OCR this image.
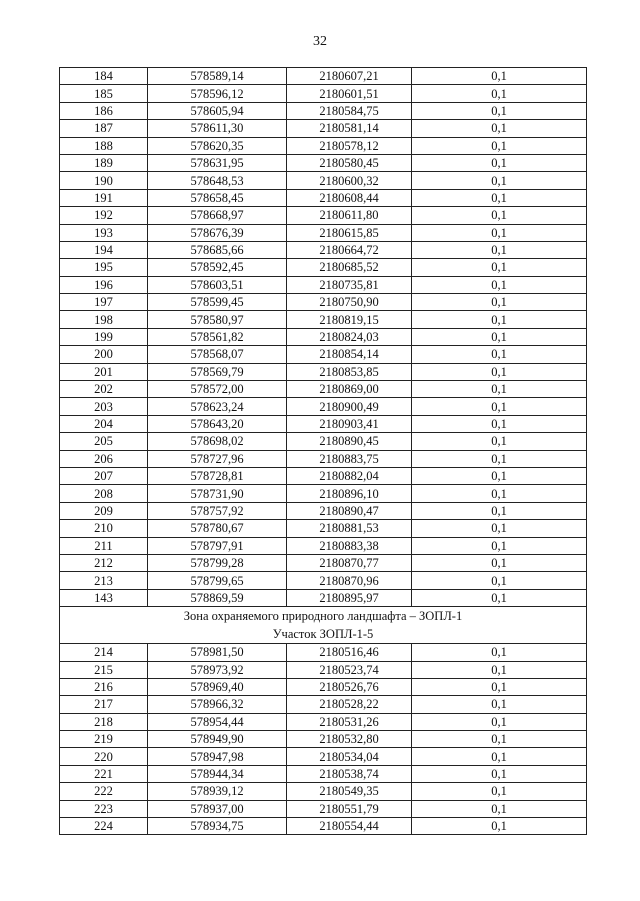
32
184	578589,14	2180607,21	0,1
185	578596,12	2180601,51	0,1
186	578605,94	2180584,75	0,1
187	578611,30	2180581,14	0,1
188	578620,35	2180578,12	0,1
189	578631,95	2180580,45	0,1
190	578648,53	2180600,32	0,1
191	578658,45	2180608,44	0,1
192	578668,97	2180611,80	0,1
193	578676,39	2180615,85	0,1
194	578685,66	2180664,72	0,1
195	578592,45	2180685,52	0,1
196	578603,51	2180735,81	0,1
197	578599,45	2180750,90	0,1
198	578580,97	2180819,15	0,1
199	578561,82	2180824,03	0,1
200	578568,07	2180854,14	0,1
201	578569,79	2180853,85	0,1
202	578572,00	2180869,00	0,1
203	578623,24	2180900,49	0,1
204	578643,20	2180903,41	0,1
205	578698,02	2180890,45	0,1
206	578727,96	2180883,75	0,1
207	578728,81	2180882,04	0,1
208	578731,90	2180896,10	0,1
209	578757,92	2180890,47	0,1
210	578780,67	2180881,53	0,1
211	578797,91	2180883,38	0,1
212	578799,28	2180870,77	0,1
213	578799,65	2180870,96	0,1
143	578869,59	2180895,97	0,1

Зона охраняемого природного ландшафта – ЗОПЛ-1
Участок ЗОПЛ-1-5			

214	578981,50	2180516,46	0,1
215	578973,92	2180523,74	0,1
216	578969,40	2180526,76	0,1
217	578966,32	2180528,22	0,1
218	578954,44	2180531,26	0,1
219	578949,90	2180532,80	0,1
220	578947,98	2180534,04	0,1
221	578944,34	2180538,74	0,1
222	578939,12	2180549,35	0,1
223	578937,00	2180551,79	0,1
224	578934,75	2180554,44	0,1
